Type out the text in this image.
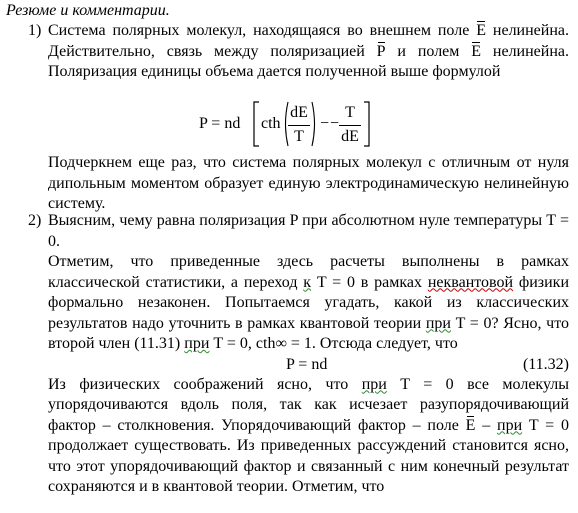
Резюме и комментарии.
1) Система полярных молекул, находящаяся во внешнем поле E нелинейна. Действительно, связь между поляризацией P и полем E нелинейна. Поляризация единицы объема дается полученной выше формулой

P = nd cth
dE
T
− −
T
dE

Подчеркнем еще раз, что система полярных молекул с отличным от нуля дипольным моментом образует единую электродинамическую нелинейную систему.

2) Выясним, чему равна поляризация P при абсолютном нуле температуры T = 0.

Отметим, что приведенные здесь расчеты выполнены в рамках классической статистики, а переход к T = 0 в рамках неквантовой физики формально незаконен. Попытаемся угадать, какой из классических результатов надо уточнить в рамках квантовой теории при T = 0? Ясно, что второй член (11.31) при T = 0, cth∞ = 1. Отсюда следует, что

P = nd	(11.32)

Из физических соображений ясно, что при T = 0 все молекулы упорядочиваются вдоль поля, так как исчезает разупорядочивающий фактор – столкновения. Упорядочивающий фактор – поле E – при T = 0 продолжает существовать. Из приведенных рассуждений становится ясно, что этот упорядочивающий фактор и связанный с ним конечный результат сохраняются и в квантовой теории. Отметим, что
